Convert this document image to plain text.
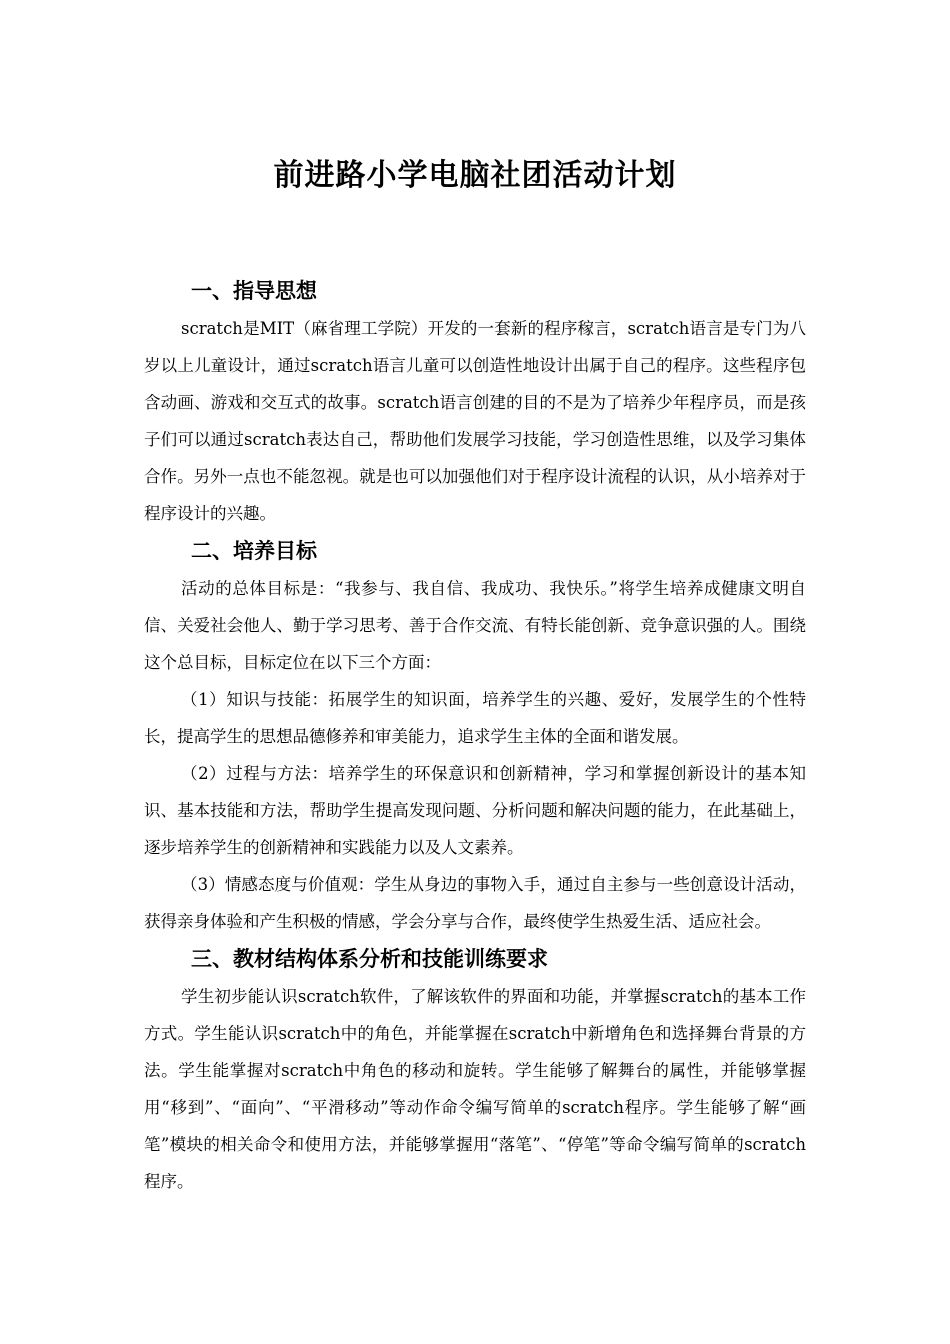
前进路小学电脑社团活动计划
一、指导思想

scratch是MIT（麻省理工学院）开发的一套新的程序稼言，scratch语言是专门为八岁以上儿童设计，通过scratch语言儿童可以创造性地设计出属于自己的程序。这些程序包含动画、游戏和交互式的故事。scratch语言创建的目的不是为了培养少年程序员，而是孩子们可以通过scratch表达自己，帮助他们发展学习技能，学习创造性思维，以及学习集体合作。另外一点也不能忽视。就是也可以加强他们对于程序设计流程的认识，从小培养对于程序设计的兴趣。

二、培养目标

活动的总体目标是：“我参与、我自信、我成功、我快乐。”将学生培养成健康文明自信、关爱社会他人、勤于学习思考、善于合作交流、有特长能创新、竞争意识强的人。围绕这个总目标，目标定位在以下三个方面：

（1）知识与技能：拓展学生的知识面，培养学生的兴趣、爱好，发展学生的个性特长，提高学生的思想品德修养和审美能力，追求学生主体的全面和谐发展。

（2）过程与方法：培养学生的环保意识和创新精神，学习和掌握创新设计的基本知识、基本技能和方法，帮助学生提高发现问题、分析问题和解决问题的能力，在此基础上，逐步培养学生的创新精神和实践能力以及人文素养。

（3）情感态度与价值观：学生从身边的事物入手，通过自主参与一些创意设计活动，获得亲身体验和产生积极的情感，学会分享与合作，最终使学生热爱生活、适应社会。

三、教材结构体系分析和技能训练要求

学生初步能认识scratch软件，了解该软件的界面和功能，并掌握scratch的基本工作方式。学生能认识scratch中的角色，并能掌握在scratch中新增角色和选择舞台背景的方法。学生能掌握对scratch中角色的移动和旋转。学生能够了解舞台的属性，并能够掌握用“移到”、“面向”、“平滑移动”等动作命令编写简单的scratch程序。学生能够了解“画笔”模块的相关命令和使用方法，并能够掌握用“落笔”、“停笔”等命令编写简单的scratch程序。
